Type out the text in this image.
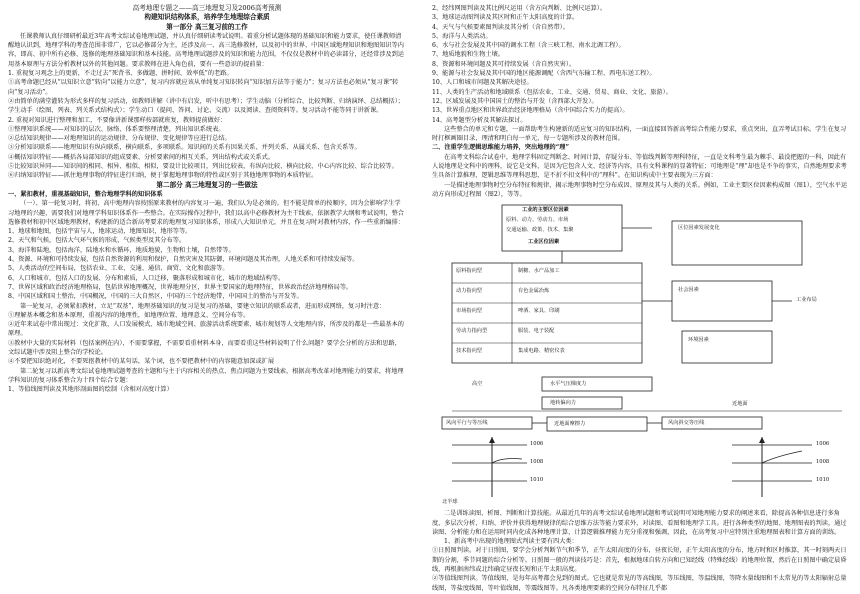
高考地理专题之——高三地理复习及2006高考预测
构建知识结构体系，培养学生地理综合素质
第一部分 高三复习前的工作

任课教师认真仔细研析最近3年高考文综试卷地理试题，并认真仔细研读考试说明。着重分析试题体现的基础知识和能力要求，使任课教师清醒地认识到，地理学科的考查范围非常广，它以必修部分为主，还涉及高一、高三选修教材，以及初中的世界、中国区域地理知识和地图知识等内容，即高、初中所有必修、选修的地理基础知识和基本技能。高考地理试题涉及的知识和能力范围，不仅仅是教材中的必读部分，还经常涉及到运用基本原理与方法分析教材以外的其他问题。要求教师在进入角色前，要有一些意识的提前量：

1. 重视复习观念上的更新，不走过去“死背书、多做题、拼时间、效率低”的老路。

①高考命题已经从“以知识立意”转向“以能力立意”，复习内容就应该从单纯复习知识转向“知识加方法等于能力”；复习方法也必须从“复习课”转向“复习活动”。

②由简单的满堂灌转为形式多样的复习活动，如教师讲解（讲中有启发，听中有思考）；学生动脑（分析综合、比较判断、归纳演绎、总结概括）；学生动手（绘图、列表、列关系式结构式）；学生动口（提问、答问、讨论、交流）以及阅读、查阅资料等。复习活动不能等同于讲新课。

2. 重视对知识进行整理和加工，不要像讲新课那样按部就班复，教师提前做好：

①整理知识系统——对知识的层次、脉络、体系要整理清楚，列出知识系统表。

②总结知识规律——对地理知识的运动规律、分布规律、变化规律等应进行总结。

③分析知识联系——地理知识有纵向联系，横向联系，多项联系。知识间的关系有因果关系、并列关系、从属关系、包含关系等。

④概括知识特征——概括各局部知识的组成要素、分析要素间的相互关系，列出结构式或关系式。

⑤比较知识异同——知识间的相同、相异、相似、相似，要设计比较项目，列出比较表，有纵向比较、横向比较、中心内容比较、综合比较等。

⑥归纳知识特征——抓住地理事物的特征进行归纳，便于掌握地理事物的特性或区别于其他地理事物的本质特征。

第二部分 高三地理复习的一些做法

一、紧扣教材，重视基础知识，整合地理学科的知识体系

（一）、第一轮复习时，将初、高中地理内容按照原来教材的内容复习一遍，我们认为是必须的。但不能是简单的按顺序，因为会影响学生学习地理的兴趣，需要我们对地理学科知识体系作一些整合。在实际操作过程中，我们以高中必修教材为主干线索，依据教学大纲和考试说明，整合选修教材和初中区域地理教材，构建新的适合新高考要求的地理复习知识体系，形成八大知识单元，并且在复习时对教材内容，作一些重新编排：

1、地球和地图，包括宇宙与人，地球运动，地图知识，地形等等。

2、天气和气候，包括大气环气候的形成，气候类型及其分布等。

3、海洋和陆地，包括海洋，陆地水和水循环，地质地貌，生物和土壤，自然带等。

4、资源、环境和可持续发展，包括自然资源的利用和保护，自然灾害及其防御，环境问题及其治理，人地关系和可持续发展等。

5、人类活动的空间布局，包括农业、工业、交通、通信、商贸、文化和旅游等。

6、人口和城市，包括人口的发展、分布和素质，人口迁移，聚落形成和城市化，城市的地域结构等。

7、世界区域和政治经济地理格局，包括世界地理概况，世界地理分区，世界主要国家的地理特征，世界政治经济地理格局等。

8、中国区域和国土整治，中国概况，中国的三大自然区，中国的三个经济地带，中国国土的整治与开发等。

第一轮复习，必须紧扣教材，立足“双基”，地理基础知识的复习是复习的基础，要建立知识的联系或者，进而形成网络，复习时注意：

①理解基本概念和基本原理，重视内容的地理性，如地理位置、地理意义、空间分布等。

②近年来试卷中常出现过：文化扩散、人口发展模式、城市地域空间、旅游活动系统要素、城市规划等人文地理内容，所涉及的都是一些最基本的原理。

③教材中大量的实际材料（包括案例在内），不需要掌握，不需要看重材料本身，而要看重这些材料说明了什么问题？要学会分析的方法和思路，文综试题中涉及阻上整合的学校论。

④不要把知识绝对化，不要死抠教材中的某句话，某个词，也不要把教材中的内容随意加深或扩展

第二轮复习以新高考文综试卷地理试题考查的主题和与主于内容相关的热点、焦点问题为主要线索，根据高考改革对地理能力的要求，将地理学科知识的复习体系整合为十四个综合专题：

1、等值线图判读及其地形剖面图的绘制（含相对高度计算）

2、经纬网图判读及其比例尺运用（含方向判断、比例尺运算）。

3、地球运动图判读及其区时和正午太阳高度的计算。

4、天气与气候要素图判读及其分析（含自然带）。

5、海洋与人类活动。

6、水与社会发展及其中国的调水工程（含三峡工程、南水北调工程）。

7、地质地貌和生物土壤。

8、资源和环境问题及其可持续发展（含自然灾害）。

9、能源与社会发展及其中国的地区能源调配（含西气东输工程、西电东送工程）。

10、人口和城市问题及其解决途径。

11、人类的生产活动和地域联系（包括农业、工业、交通、贸易、商业、文化、旅游）。

12、区域发展及其中国国土的整治与开发（含西部大开发）。

13、世界重点地区和世界政治经济地理格局（含中国综合实力的提高）。

14、高考题型分析及其解法探讨。

这些整合的单元和专题，一面帮助考生构建新的适应复习的知识结构，一面直接回答新高考综合性能力要求，重点突出，直弄考试目标。学生在复习时打框画圈目录，理清和明白每一单元、每一专题所涉及的教材范围。

二、注重学生逻辑思维能力培养，突出地理的“理”

在高考文科综合试卷中，地理学科固定判断念、时间计算，存疑分布、等值线判断等理科特征，一直是文科考生最为棘手、最没把握的一科，因此有人说地理是文科中的理科，说它是文科，是因为它包含人文、经济等内容，具有文科课程的显著特征；可地理是“理”却也是不争的事实，自然地理要求考生具备计算推理、逻辑思维等理科思想，是不折不扣文科中的“理科”。在知识构成中主要表现为三方面：

一是描述地理事物时空分布特征和规律，揭示地理事物时空分布成因、原理及其与人类的关系。例如，工业主要区位因素构成图（图1），空气水平运动方向形成过程图（图2），等等。

工业的主要区位因素
原料、动力、劳动力、市场
交通运输、政策、技术、集聚
工业区位因素
区位因素发展变化
原料指向型	制糖、水产品加工
动力指向型	有色金属冶炼
市场指向型	啤酒、家具、印刷
劳动力指向型	服装、电子装配
技术指向型	集成电路、精密仪表
社会因素
环境因素
工业布局
高空
近地面
北半球
水平气压梯度力
地转偏向力
近地面摩擦力
风向平行与等压线	风向斜交等压线
1006
1008
1010
1006
1008
1010

二是训练读图、析图、判断和计算技能。从最近几年的高考文综试卷地理试题和考试说明可知地理能力要求的阐述来看，除提高各种信息进行多角度、多层次分析、归纳、评价并获得地理规律的综合思维方法等能力要求外，对读图、看图和地理学工具。进行各种类型的地图、地理图表的判读，通过读图、分析能力和在运用时同内化成各种地理计算，计算逻辑推理能力充分重视和强调，因此，在高考复习中应特别注重地理图表和计算方面的训练。

1、新高考中出现的地理图式判读主要有四大类：

①日照图判读。对于日照图，要学会分析判断节气和季节，正午太阳高度的分布，昼夜长短，正午太阳高度的分布，地方时和区时推算，其一时刻两天日期的分割，季节问题的综合分析等。日照图一般的判读技巧是：首先，根据地球自转方向和已知经线（特殊经线）的地理位置，然后在日照图中确定晨昏线，再根据南纬或北纬确定昼夜长短和正午太阳高度。

②等值线图判读。等值线图，是每年高考都会见到的图式。它也就是常见的等高线图，等压线图，等温线图，等降水量线图和不太常见的等太阳辐射总量线图，等盐度线图，等叶值线图，等震线图等。凡各类地理要素的空间分布特征几乎都
